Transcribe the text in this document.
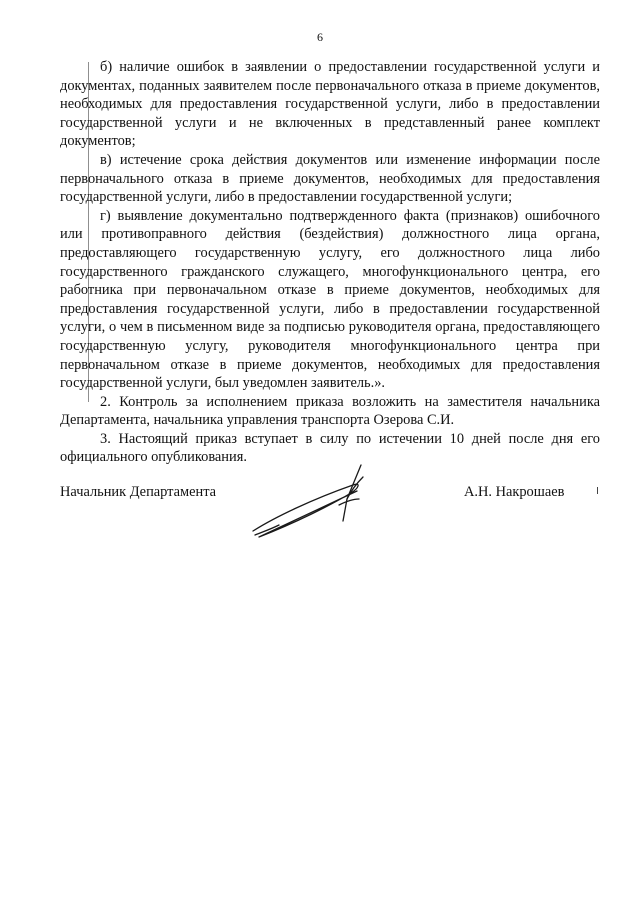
6

б) наличие ошибок в заявлении о предоставлении государственной услуги и документах, поданных заявителем после первоначального отказа в приеме документов, необходимых для предоставления государственной услуги, либо в предоставлении государственной услуги и не включенных в представленный ранее комплект документов;

в) истечение срока действия документов или изменение информации после первоначального отказа в приеме документов, необходимых для предоставления государственной услуги, либо в предоставлении государственной услуги;

г) выявление документально подтвержденного факта (признаков) ошибочного или противоправного действия (бездействия) должностного лица органа, предоставляющего государственную услугу, его должностного лица либо государственного гражданского служащего, многофункционального центра, его работника при первоначальном отказе в приеме документов, необходимых для предоставления государственной услуги, либо в предоставлении государственной услуги, о чем в письменном виде за подписью руководителя органа, предоставляющего государственную услугу, руководителя многофункционального центра при первоначальном отказе в приеме документов, необходимых для предоставления государственной услуги, был уведомлен заявитель.».

2. Контроль за исполнением приказа возложить на заместителя начальника Департамента, начальника управления транспорта Озерова С.И.

3. Настоящий приказ вступает в силу по истечении 10 дней после дня его официального опубликования.

Начальник Департамента	А.Н. Накрошаев
